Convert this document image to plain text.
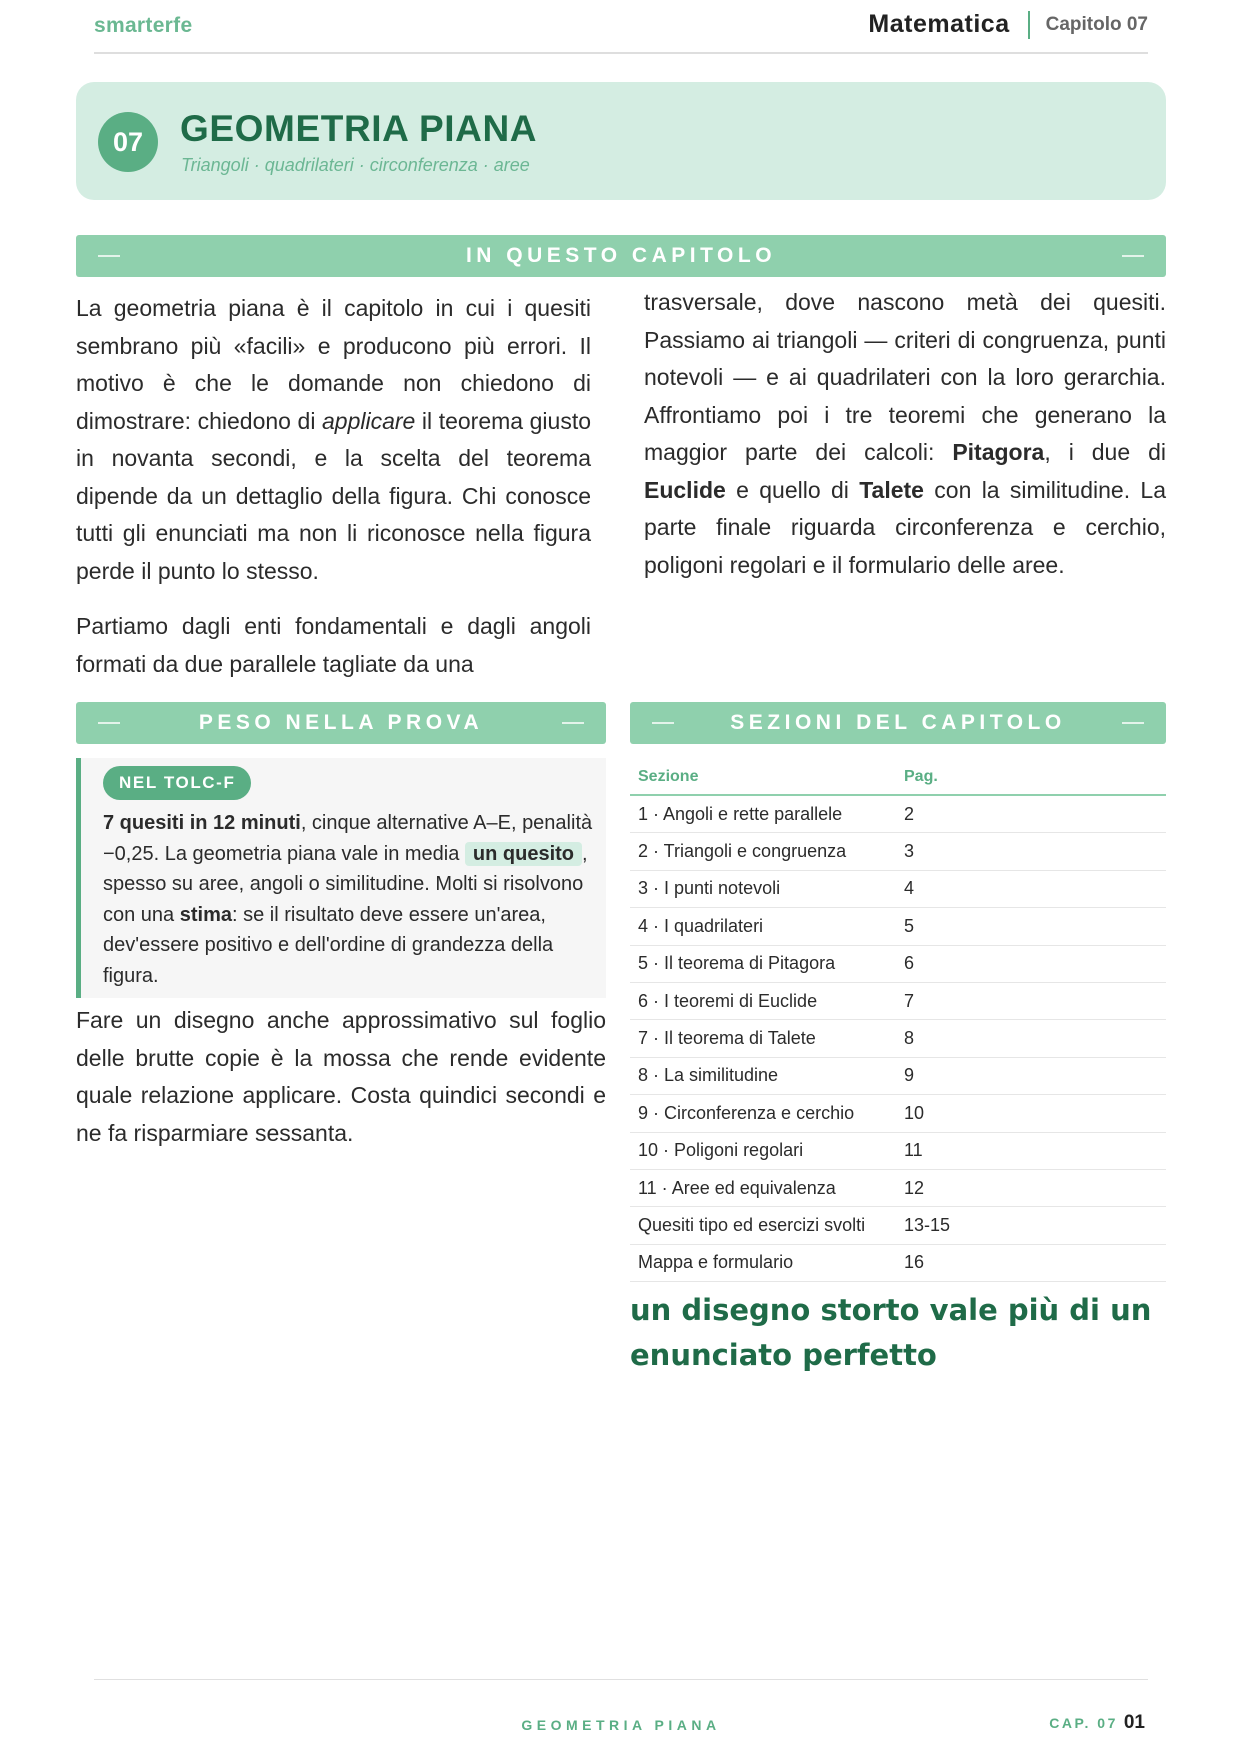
smarterfe	Matematica Capitolo 07
07 GEOMETRIA PIANA
Triangoli · quadrilateri · circonferenza · aree
IN QUESTO CAPITOLO

La geometria piana è il capitolo in cui i quesiti sembrano più «facili» e producono più errori. Il motivo è che le domande non chiedono di dimostrare: chiedono di applicare il teorema giusto in novanta secondi, e la scelta del teorema dipende da un dettaglio della figura. Chi conosce tutti gli enunciati ma non li riconosce nella figura perde il punto lo stesso.

Partiamo dagli enti fondamentali e dagli angoli formati da due parallele tagliate da una

trasversale, dove nascono metà dei quesiti. Passiamo ai triangoli — criteri di congruenza, punti notevoli — e ai quadrilateri con la loro gerarchia. Affrontiamo poi i tre teoremi che generano la maggior parte dei calcoli: Pitagora, i due di Euclide e quello di Talete con la similitudine. La parte finale riguarda circonferenza e cerchio, poligoni regolari e il formulario delle aree.

PESO NELLA PROVA
NEL TOLC-F

7 quesiti in 12 minuti, cinque alternative A–E, penalità −0,25. La geometria piana vale in media un quesito , spesso su aree, angoli o similitudine. Molti si risolvono con una stima: se il risultato deve essere un'area, dev'essere positivo e dell'ordine di grandezza della figura.

Fare un disegno anche approssimativo sul foglio delle brutte copie è la mossa che rende evidente quale relazione applicare. Costa quindici secondi e ne fa risparmiare sessanta.

SEZIONI DEL CAPITOLO
Sezione	Pag.
1 · Angoli e rette parallele	2
2 · Triangoli e congruenza	3
3 · I punti notevoli	4
4 · I quadrilateri	5
5 · Il teorema di Pitagora	6
6 · I teoremi di Euclide	7
7 · Il teorema di Talete	8
8 · La similitudine	9
9 · Circonferenza e cerchio	10
10 · Poligoni regolari	11
11 · Aree ed equivalenza	12
Quesiti tipo ed esercizi svolti	13-15
Mappa e formulario	16

un disegno storto vale più di un enunciato perfetto

GEOMETRIA PIANA	CAP. 07 01
